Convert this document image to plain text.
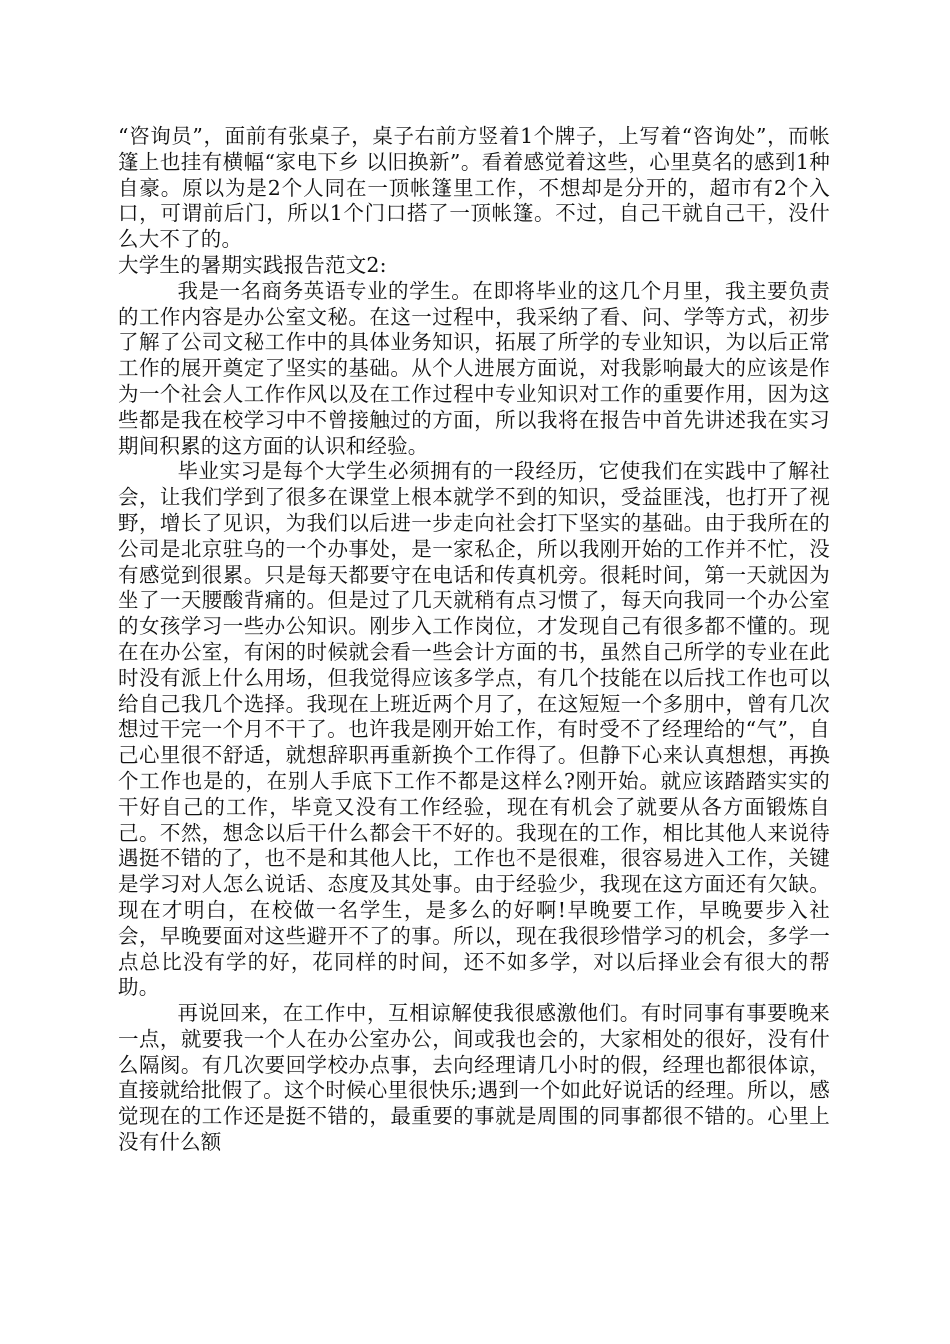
“咨询员”，面前有张桌子，桌子右前方竖着1个牌子，上写着“咨询处”，而帐篷上也挂有横幅“家电下乡 以旧换新”。看着感觉着这些，心里莫名的感到1种自豪。原以为是2个人同在一顶帐篷里工作，不想却是分开的，超市有2个入口，可谓前后门，所以1个门口搭了一顶帐篷。不过，自己干就自己干，没什么大不了的。

大学生的暑期实践报告范文2:

我是一名商务英语专业的学生。在即将毕业的这几个月里，我主要负责的工作内容是办公室文秘。在这一过程中，我采纳了看、问、学等方式，初步了解了公司文秘工作中的具体业务知识，拓展了所学的专业知识，为以后正常工作的展开奠定了坚实的基础。从个人进展方面说，对我影响最大的应该是作为一个社会人工作作风以及在工作过程中专业知识对工作的重要作用，因为这些都是我在校学习中不曾接触过的方面，所以我将在报告中首先讲述我在实习期间积累的这方面的认识和经验。

毕业实习是每个大学生必须拥有的一段经历，它使我们在实践中了解社会，让我们学到了很多在课堂上根本就学不到的知识，受益匪浅，也打开了视野，增长了见识，为我们以后进一步走向社会打下坚实的基础。由于我所在的公司是北京驻乌的一个办事处，是一家私企，所以我刚开始的工作并不忙，没有感觉到很累。只是每天都要守在电话和传真机旁。很耗时间，第一天就因为坐了一天腰酸背痛的。但是过了几天就稍有点习惯了，每天向我同一个办公室的女孩学习一些办公知识。刚步入工作岗位，才发现自己有很多都不懂的。现在在办公室，有闲的时候就会看一些会计方面的书，虽然自己所学的专业在此时没有派上什么用场，但我觉得应该多学点，有几个技能在以后找工作也可以给自己我几个选择。我现在上班近两个月了，在这短短一个多朋中，曾有几次想过干完一个月不干了。也许我是刚开始工作，有时受不了经理给的“气”，自己心里很不舒适，就想辞职再重新换个工作得了。但静下心来认真想想，再换个工作也是的，在别人手底下工作不都是这样么?刚开始。就应该踏踏实实的干好自己的工作，毕竟又没有工作经验，现在有机会了就要从各方面锻炼自己。不然，想念以后干什么都会干不好的。我现在的工作，相比其他人来说待遇挺不错的了，也不是和其他人比，工作也不是很难，很容易进入工作，关键是学习对人怎么说话、态度及其处事。由于经验少，我现在这方面还有欠缺。现在才明白，在校做一名学生，是多么的好啊!早晚要工作，早晚要步入社会，早晚要面对这些避开不了的事。所以，现在我很珍惜学习的机会，多学一点总比没有学的好，花同样的时间，还不如多学，对以后择业会有很大的帮助。

再说回来，在工作中，互相谅解使我很感激他们。有时同事有事要晚来一点，就要我一个人在办公室办公，间或我也会的，大家相处的很好，没有什么隔阂。有几次要回学校办点事，去向经理请几小时的假，经理也都很体谅，直接就给批假了。这个时候心里很快乐;遇到一个如此好说话的经理。所以，感觉现在的工作还是挺不错的，最重要的事就是周围的同事都很不错的。心里上没有什么额
